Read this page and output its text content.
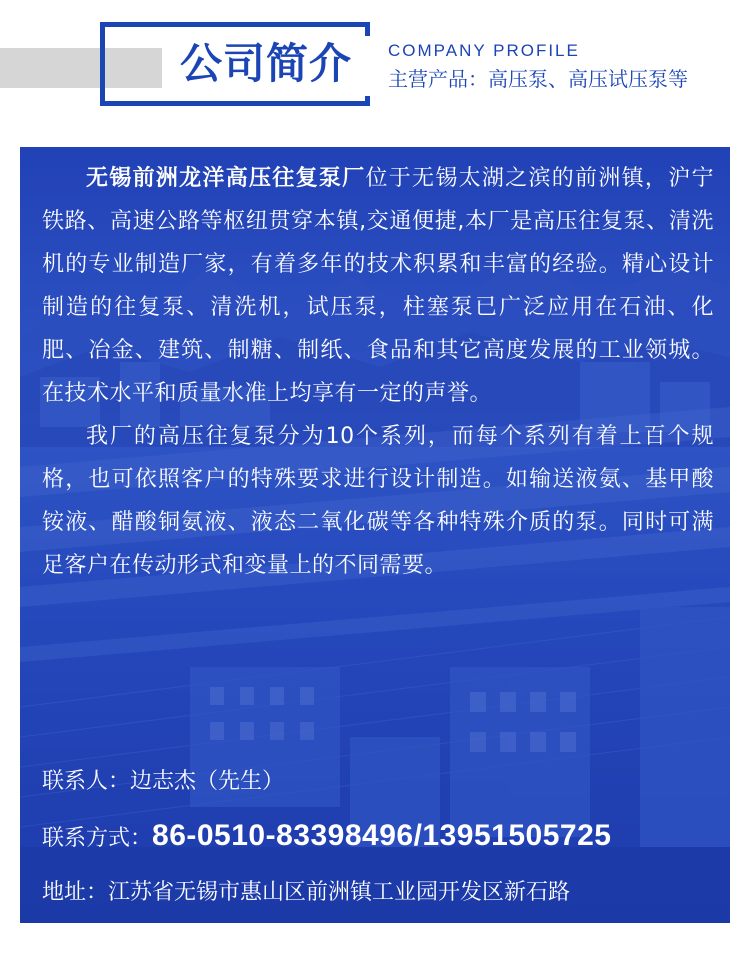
公司简介 COMPANY PROFILE
主营产品：高压泵、高压试压泵等

无锡前洲龙洋高压往复泵厂位于无锡太湖之滨的前洲镇，沪宁铁路、高速公路等枢纽贯穿本镇,交通便捷,本厂是高压往复泵、清洗机的专业制造厂家，有着多年的技术积累和丰富的经验。精心设计制造的往复泵、清洗机，试压泵，柱塞泵已广泛应用在石油、化肥、冶金、建筑、制糖、制纸、食品和其它高度发展的工业领城。在技术水平和质量水准上均享有一定的声誉。

我厂的高压往复泵分为10个系列，而每个系列有着上百个规格，也可依照客户的特殊要求进行设计制造。如输送液氨、基甲酸铵液、醋酸铜氨液、液态二氧化碳等各种特殊介质的泵。同时可满足客户在传动形式和变量上的不同需要。

联系人：边志杰（先生）
联系方式：86-0510-83398496/13951505725
地址：江苏省无锡市惠山区前洲镇工业园开发区新石路
